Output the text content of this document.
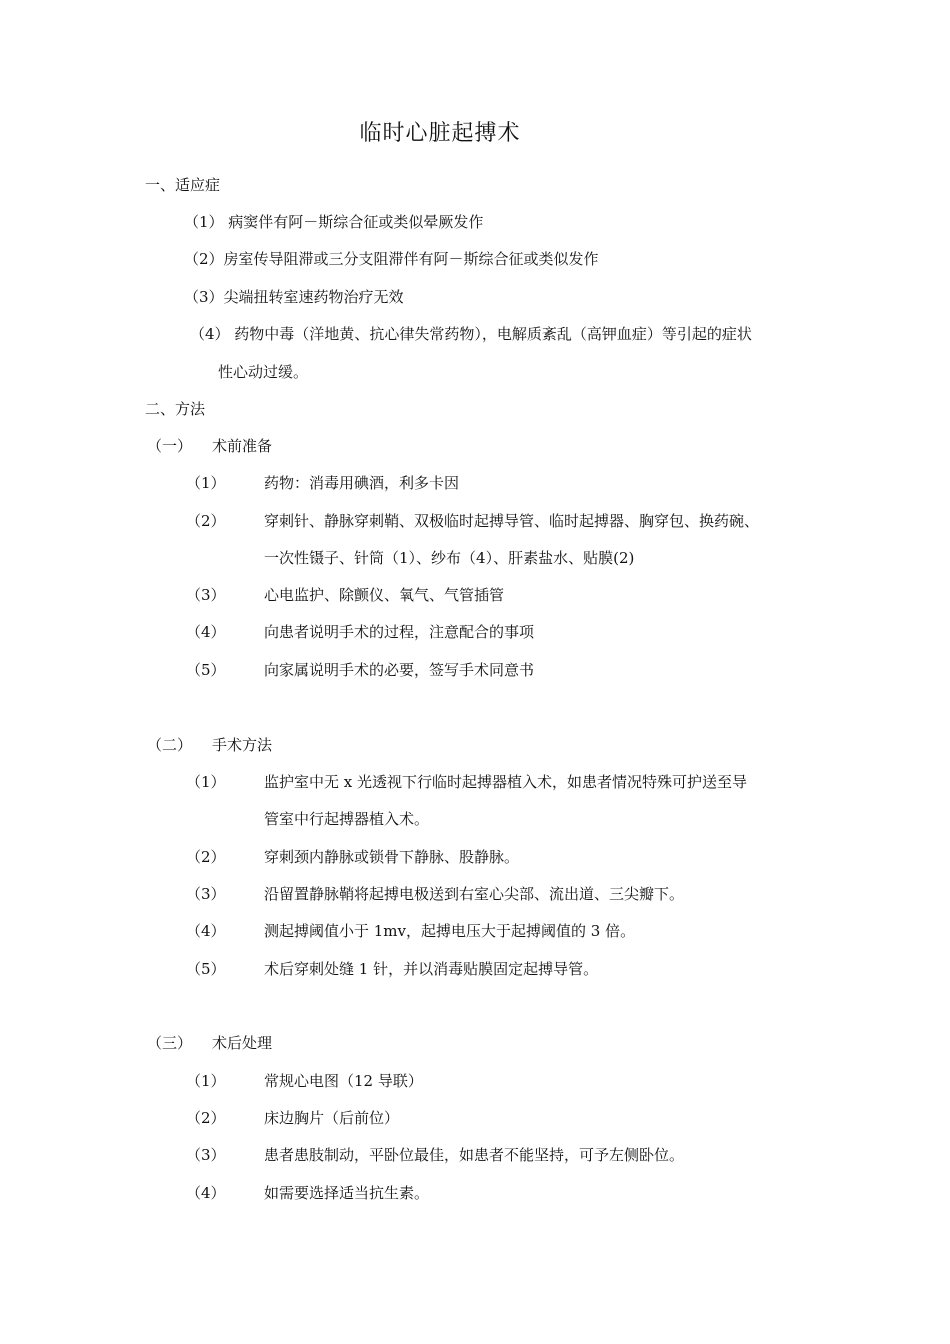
临时心脏起搏术
一、适应症
（1） 病窦伴有阿－斯综合征或类似晕厥发作
（2）房室传导阻滞或三分支阻滞伴有阿－斯综合征或类似发作
（3）尖端扭转室速药物治疗无效
（4） 药物中毒（洋地黄、抗心律失常药物），电解质紊乱（高钾血症）等引起的症状
性心动过缓。
二、方法
（一） 术前准备
（1）	药物：消毒用碘酒，利多卡因
（2）	穿刺针、静脉穿刺鞘、双极临时起搏导管、临时起搏器、胸穿包、换药碗、
一次性镊子、针筒（1）、纱布（4）、肝素盐水、贴膜(2)
（3）	心电监护、除颤仪、氧气、气管插管
（4）	向患者说明手术的过程，注意配合的事项
（5）	向家属说明手术的必要，签写手术同意书
（二） 手术方法
（1）	监护室中无 x 光透视下行临时起搏器植入术，如患者情况特殊可护送至导
管室中行起搏器植入术。
（2）	穿刺颈内静脉或锁骨下静脉、股静脉。
（3）	沿留置静脉鞘将起搏电极送到右室心尖部、流出道、三尖瓣下。
（4）	测起搏阈值小于 1mv，起搏电压大于起搏阈值的 3 倍。
（5）	术后穿刺处缝 1 针，并以消毒贴膜固定起搏导管。
（三） 术后处理
（1）	常规心电图（12 导联）
（2）	床边胸片（后前位）
（3）	患者患肢制动，平卧位最佳，如患者不能坚持，可予左侧卧位。
（4）	如需要选择适当抗生素。
